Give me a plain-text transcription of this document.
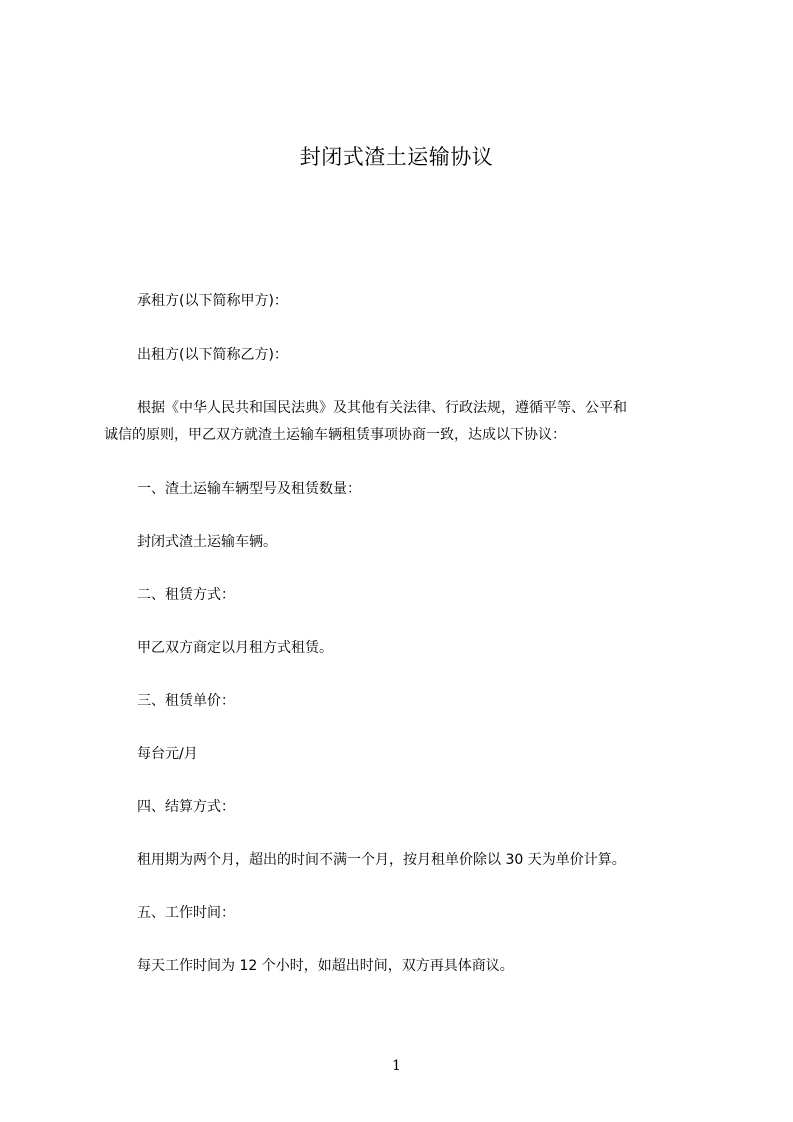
封闭式渣土运输协议
承租方(以下简称甲方)：
出租方(以下简称乙方)：
根据《中华人民共和国民法典》及其他有关法律、行政法规，遵循平等、公平和
诚信的原则，甲乙双方就渣土运输车辆租赁事项协商一致，达成以下协议：
一、渣土运输车辆型号及租赁数量：
封闭式渣土运输车辆。
二、租赁方式：
甲乙双方商定以月租方式租赁。
三、租赁单价：
每台元/月
四、结算方式：
租用期为两个月，超出的时间不满一个月，按月租单价除以 30 天为单价计算。
五、工作时间：
每天工作时间为 12 个小时，如超出时间，双方再具体商议。
1
